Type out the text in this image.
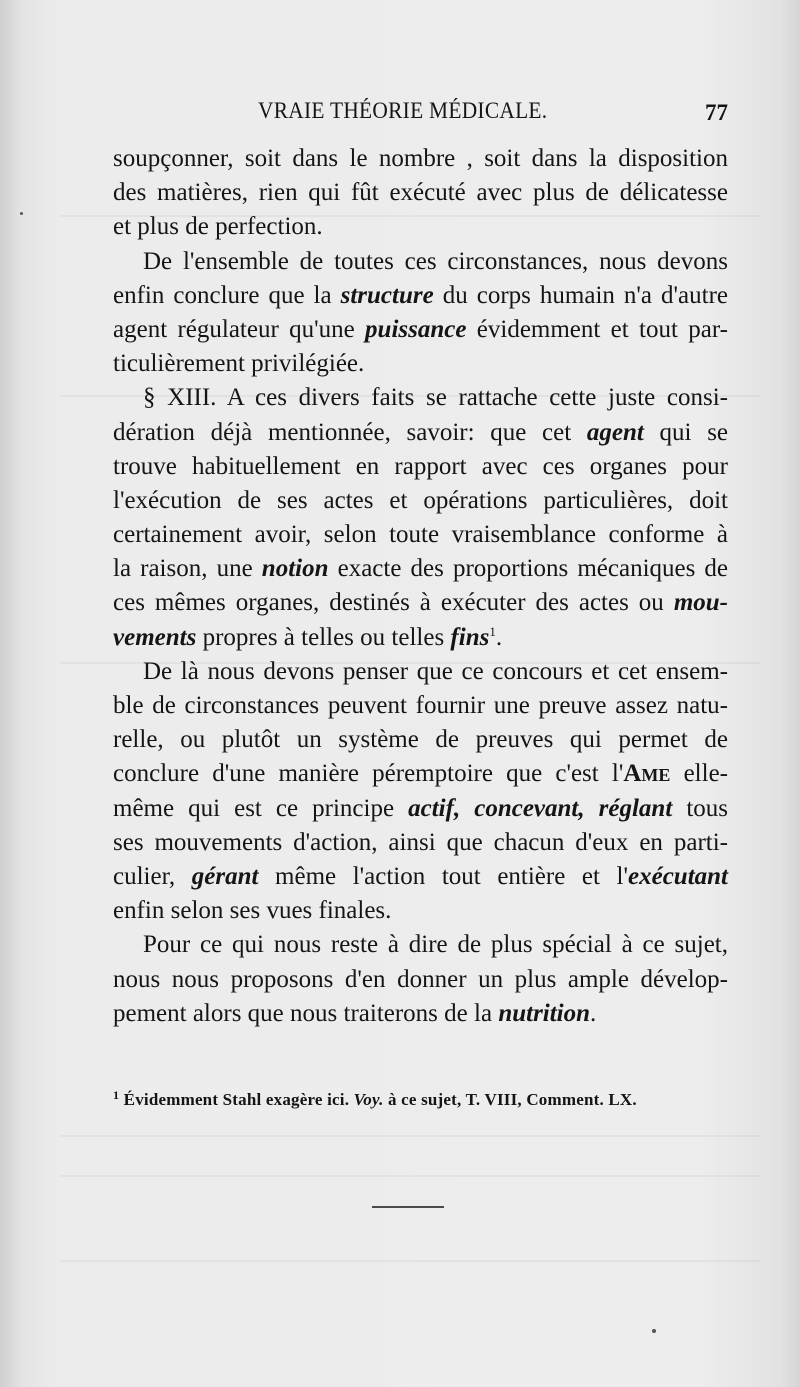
VRAIE THÉORIE MÉDICALE.	77
soupçonner, soit dans le nombre , soit dans la disposition
des matières, rien qui fût exécuté avec plus de délicatesse
et plus de perfection.
De l'ensemble de toutes ces circonstances, nous devons
enfin conclure que la structure du corps humain n'a d'autre
agent régulateur qu'une puissance évidemment et tout par-
ticulièrement privilégiée.
§ XIII. A ces divers faits se rattache cette juste consi-
dération déjà mentionnée, savoir: que cet agent qui se
trouve habituellement en rapport avec ces organes pour
l'exécution de ses actes et opérations particulières, doit
certainement avoir, selon toute vraisemblance conforme à
la raison, une notion exacte des proportions mécaniques de
ces mêmes organes, destinés à exécuter des actes ou mou-
vements propres à telles ou telles fins$^1$.
De là nous devons penser que ce concours et cet ensem-
ble de circonstances peuvent fournir une preuve assez natu-
relle, ou plutôt un système de preuves qui permet de
conclure d'une manière péremptoire que c'est l'Ame elle-
même qui est ce principe actif, concevant, réglant tous
ses mouvements d'action, ainsi que chacun d'eux en parti-
culier, gérant même l'action tout entière et l'exécutant
enfin selon ses vues finales.
Pour ce qui nous reste à dire de plus spécial à ce sujet,
nous nous proposons d'en donner un plus ample dévelop-
pement alors que nous traiterons de la nutrition.
$^1$ Évidemment Stahl exagère ici. Voy. à ce sujet, T. VIII, Comment. LX.
